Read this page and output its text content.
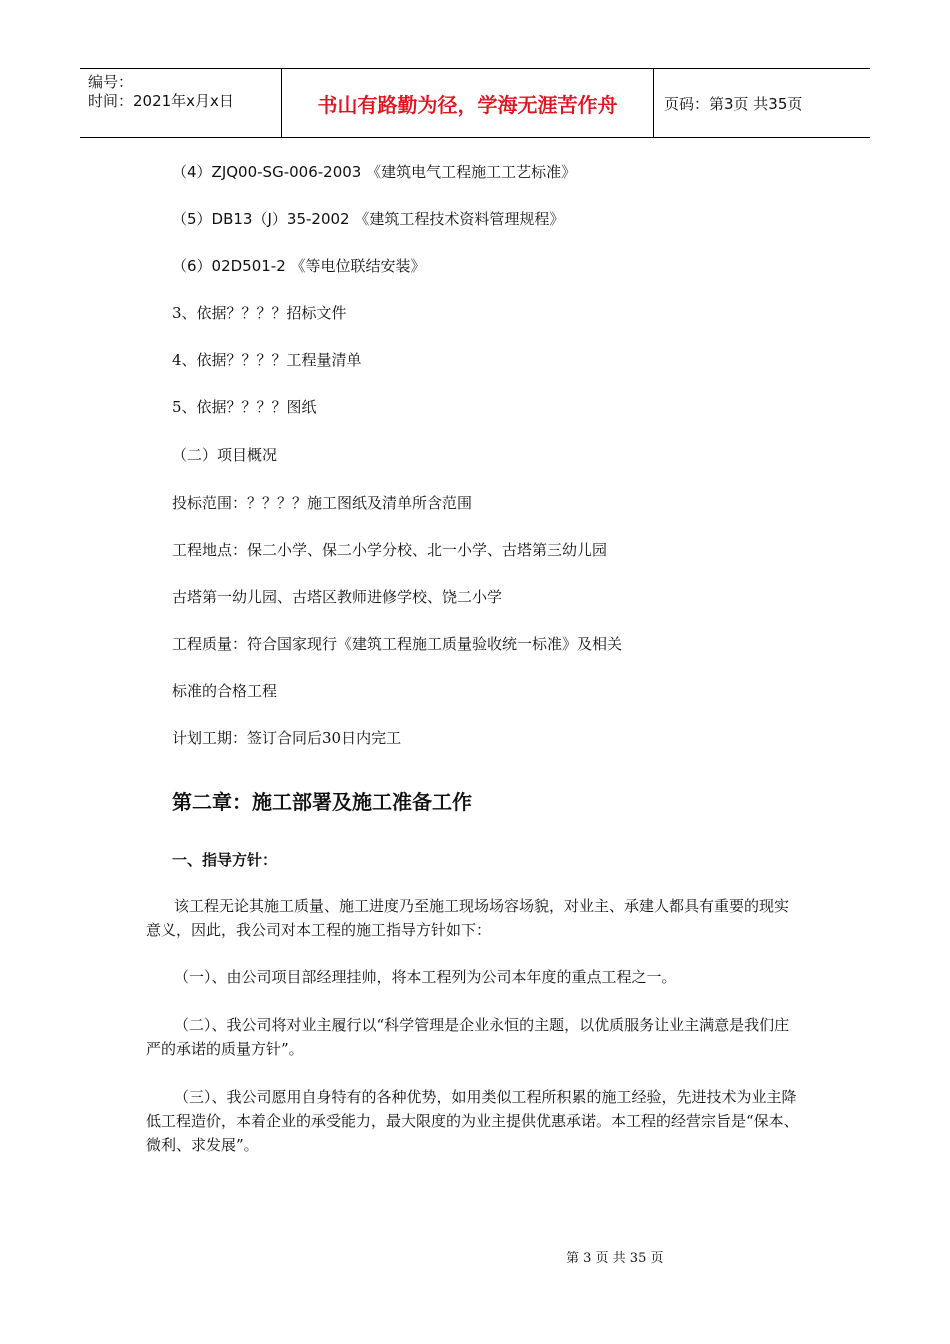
编号：
时间：2021年x月x日	书山有路勤为径，学海无涯苦作舟	页码：第3页 共35页
（4）ZJQ00-SG-006-2003 《建筑电气工程施工工艺标准》
（5）DB13（J）35-2002 《建筑工程技术资料管理规程》
（6）02D501-2 《等电位联结安装》
3、依据？？？？招标文件
4、依据？？？？工程量清单
5、依据？？？？图纸
（二）项目概况
投标范围：？？？？施工图纸及清单所含范围
工程地点：保二小学、保二小学分校、北一小学、古塔第三幼儿园
古塔第一幼儿园、古塔区教师进修学校、饶二小学
工程质量：符合国家现行《建筑工程施工质量验收统一标准》及相关
标准的合格工程
计划工期：签订合同后30日内完工
第二章：施工部署及施工准备工作
一、指导方针：
该工程无论其施工质量、施工进度乃至施工现场场容场貌，对业主、承建人都具有重要的现实意义，因此，我公司对本工程的施工指导方针如下：
（一）、由公司项目部经理挂帅，将本工程列为公司本年度的重点工程之一。
（二）、我公司将对业主履行以“科学管理是企业永恒的主题，以优质服务让业主满意是我们庄严的承诺的质量方针”。
（三）、我公司愿用自身特有的各种优势，如用类似工程所积累的施工经验，先进技术为业主降低工程造价，本着企业的承受能力，最大限度的为业主提供优惠承诺。本工程的经营宗旨是“保本、微利、求发展”。
第 3 页 共 35 页
